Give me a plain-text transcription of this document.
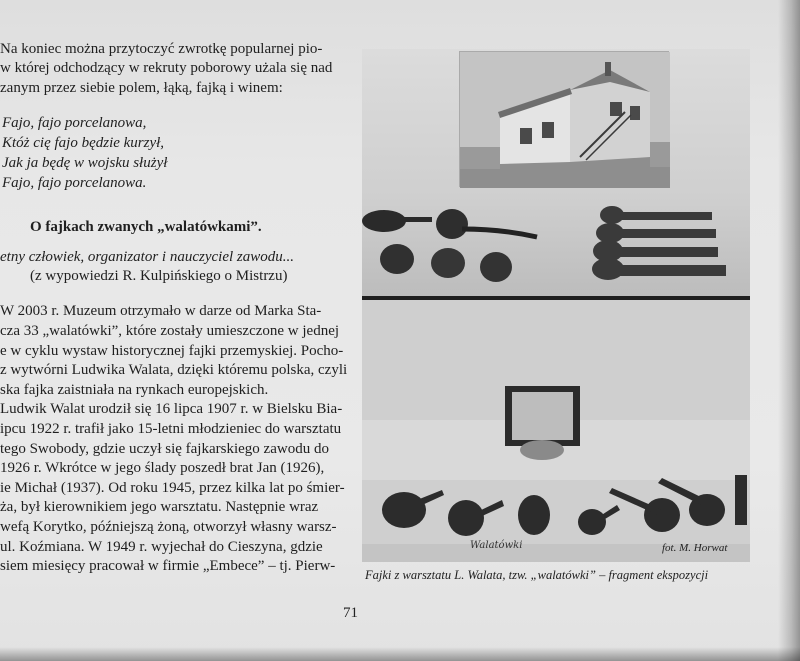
Na koniec można przytoczyć zwrotkę popularnej pio-
w której odchodzący w rekruty poborowy użala się nad
zanym przez siebie polem, łąką, fajką i winem:
Fajo, fajo porcelanowa,
Któż cię fajo będzie kurzył,
Jak ja będę w wojsku służył
Fajo, fajo porcelanowa.
O fajkach zwanych „walatówkami”.
etny człowiek, organizator i nauczyciel zawodu...
(z wypowiedzi R. Kulpińskiego o Mistrzu)
W 2003 r. Muzeum otrzymało w darze od Marka Sta-
cza 33 „walatówki”, które zostały umieszczone w jednej
e w cyklu wystaw historycznej fajki przemyskiej. Pocho-
z wytwórni Ludwika Walata, dzięki któremu polska, czyli
ska fajka zaistniała na rynkach europejskich.
Ludwik Walat urodził się 16 lipca 1907 r. w Bielsku Bia-
ipcu 1922 r. trafił jako 15-letni młodzieniec do warsztatu
tego Swobody, gdzie uczył się fajkarskiego zawodu do
1926 r. Wkrótce w jego ślady poszedł brat Jan (1926),
ie Michał (1937). Od roku 1945, przez kilka lat po śmier-
ża, był kierownikiem jego warsztatu. Następnie wraz
wefą Korytko, późniejszą żoną, otworzył własny warsz-
ul. Koźmiana. W 1949 r. wyjechał do Cieszyna, gdzie
siem miesięcy pracował w firmie „Embece” – tj. Pierw-
Walatówki	fot. M. Horwat
Fajki z warsztatu L. Walata, tzw. „walatówki” – fragment ekspozycji
71
